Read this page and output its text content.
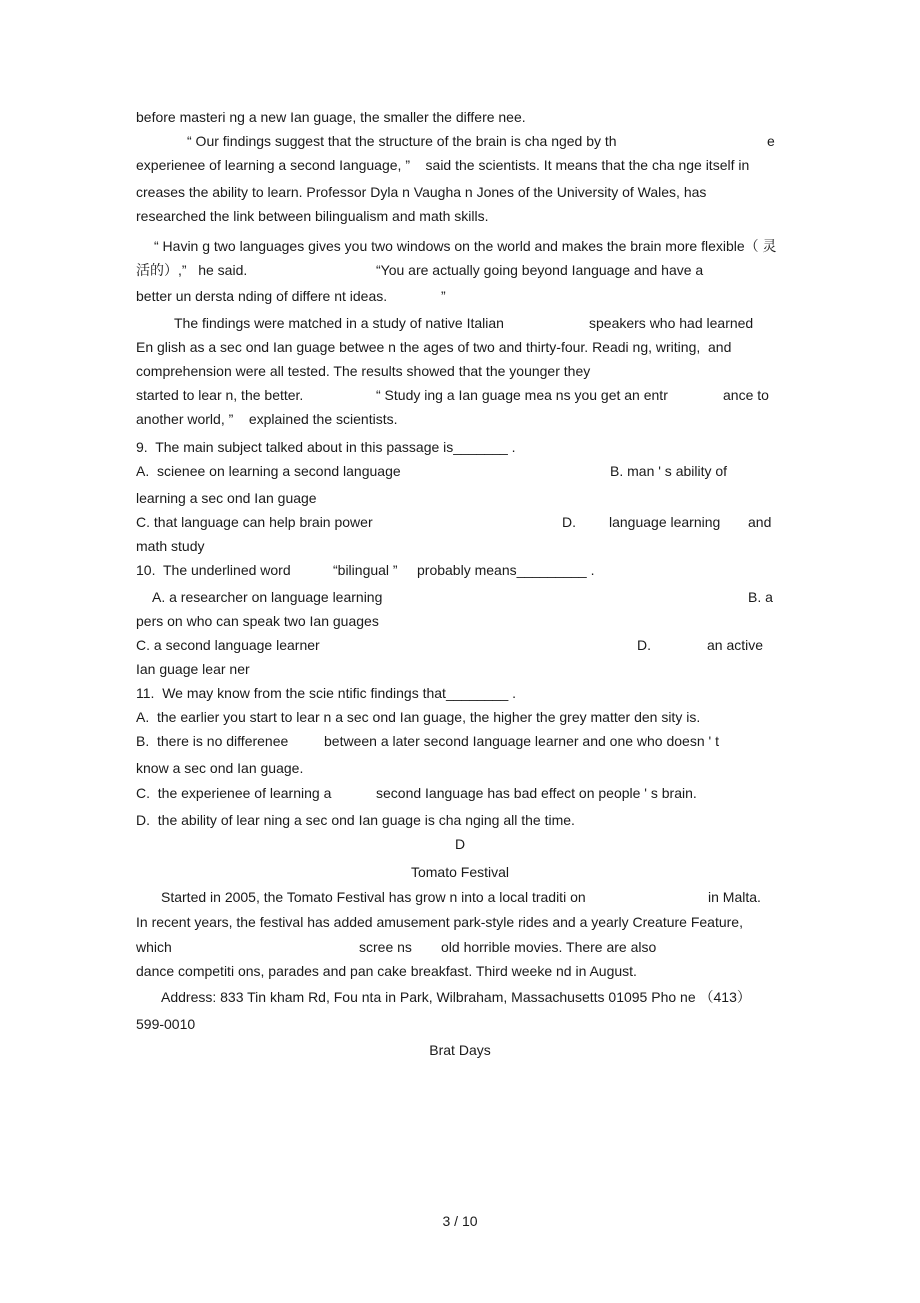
before masteri ng a new Ian guage, the smaller the differe nee.
“ Our findings suggest that the structure of the brain is cha nged by th	e
experienee of learning a second Ianguage, ”    said the scientists. It means that the cha nge itself in
creases the ability to learn. Professor Dyla n Vaugha n Jones of the University of Wales, has
researched the link between bilingualism and math skills.
“ Havin g two languages gives you two windows on the world and makes the brain more flexible（ 灵
活的）,”   he said.	“You are actually going beyond Ianguage and have a
better un dersta nding of differe nt ideas.	”
The findings were matched in a study of native Italian	speakers who had learned
En glish as a sec ond Ian guage betwee n the ages of two and thirty-four. Readi ng, writing,  and
comprehension were all tested. The results showed that the younger they
started to lear n, the better.	“ Study ing a Ian guage mea ns you get an entr	ance to
another world, ”    explained the scientists.
9.  The main subject talked about in this passage is_______ .
A.  scienee on learning a second language	B. man ' s ability of
learning a sec ond Ian guage
C. that language can help brain power	D. language learning and
math study
10.  The underlined word	“bilingual ” probably means_________ .
A. a researcher on language learning	B. a
pers on who can speak two Ian guages
C. a second language learner	D.	an active
Ian guage lear ner
11.  We may know from the scie ntific findings that________ .
A.  the earlier you start to lear n a sec ond Ian guage, the higher the grey matter den sity is.
B.  there is no differenee	between a later second Ianguage learner and one who doesn ' t
know a sec ond Ian guage.
C.  the experienee of learning a	second Ianguage has bad effect on people ' s brain.
D.  the ability of lear ning a sec ond Ian guage is cha nging all the time.
D
Tomato Festival
Started in 2005, the Tomato Festival has grow n into a local traditi on	in Malta.
In recent years, the festival has added amusement park-style rides and a yearly Creature Feature,
which	scree ns old horrible movies. There are also
dance competiti ons, parades and pan cake breakfast. Third weeke nd in August.
Address: 833 Tin kham Rd, Fou nta in Park, Wilbraham, Massachusetts 01095 Pho ne （413）
599-0010
Brat Days
3 / 10
